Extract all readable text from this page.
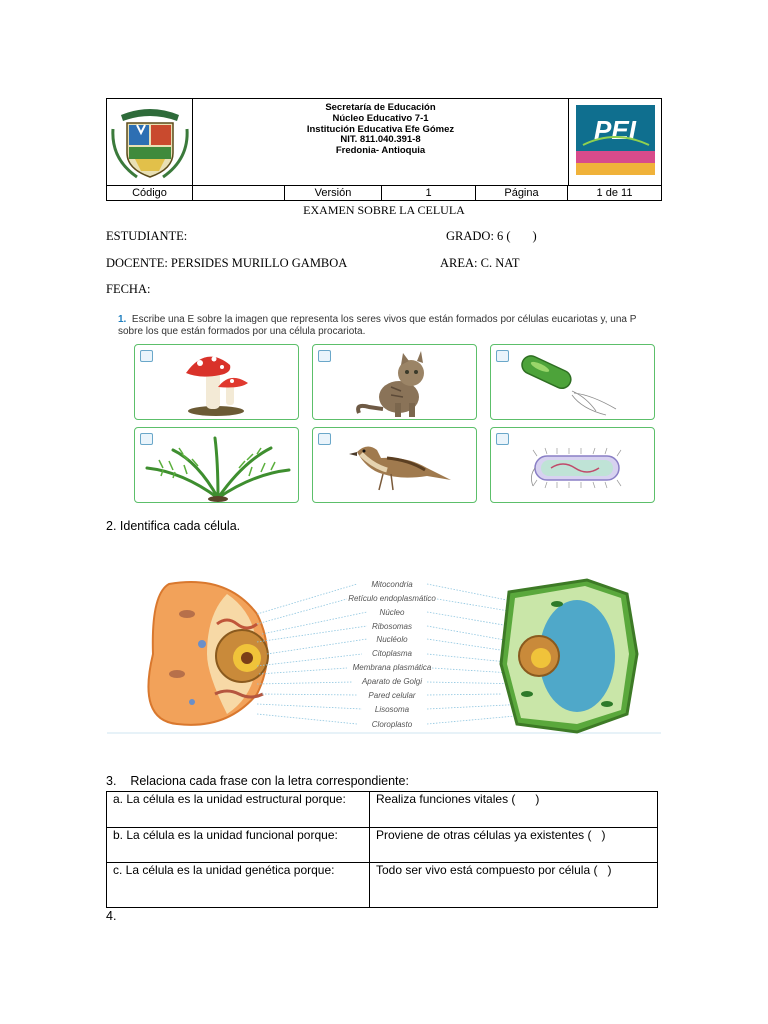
Secretaría de Educación
Núcleo Educativo 7-1
Institución Educativa Efe Gómez
NIT. 811.040.391-8
Fredonia- Antioquia
PEI
Código	Versión	1	Página	1 de 11
EXAMEN SOBRE LA CELULA
ESTUDIANTE:	GRADO: 6 (       )
DOCENTE: PERSIDES MURILLO GAMBOA	AREA: C. NAT
FECHA:
1. Escribe una E sobre la imagen que representa los seres vivos que están formados por células eucariotas y, una P sobre los que están formados por una célula procariota.
2. Identifica cada célula.
Mitocondria
Retículo endoplasmático
Núcleo
Ribosomas
Nucléolo
Citoplasma
Membrana plasmática
Aparato de Golgi
Pared celular
Lisosoma
Cloroplasto
3.    Relaciona cada frase con la letra correspondiente:
a. La célula es la unidad estructural porque:	Realiza funciones vitales (      )
b. La célula es la unidad funcional porque:	Proviene de otras células ya existentes (   )
c. La célula es la unidad genética porque:	Todo ser vivo está compuesto por célula (   )
4.
